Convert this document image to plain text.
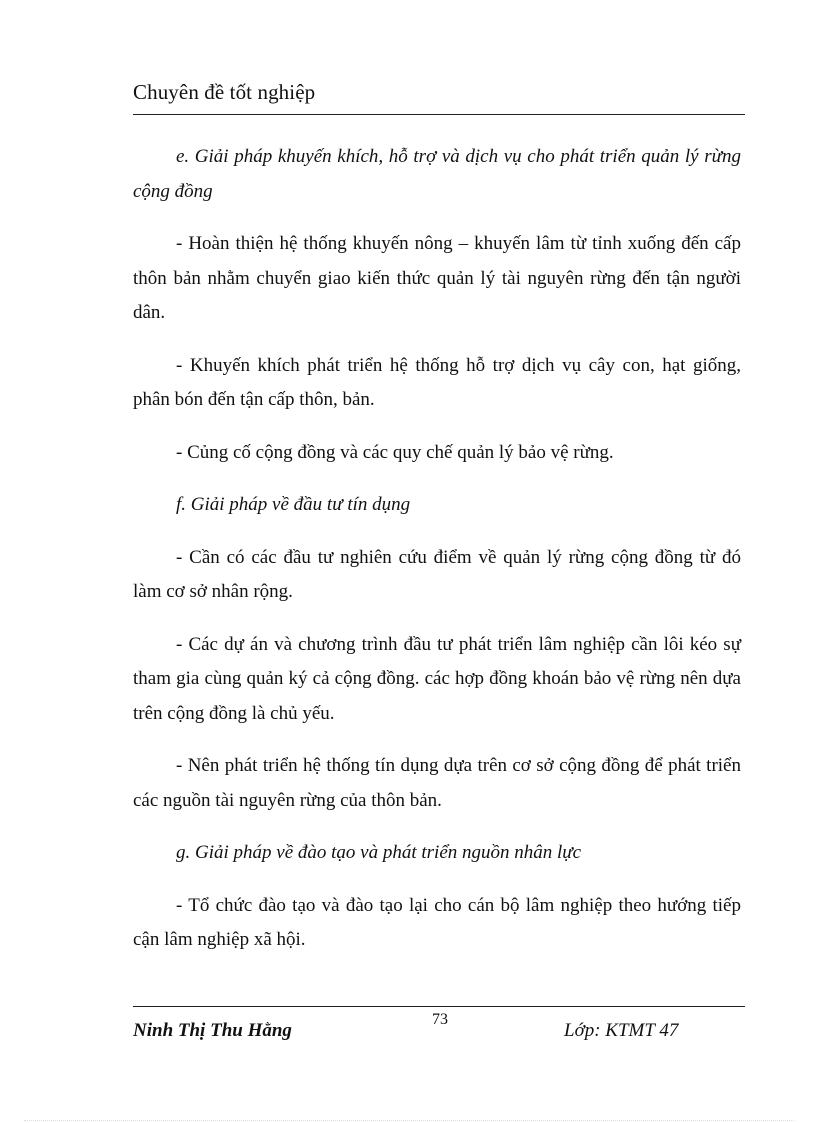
Chuyên đề tốt nghiệp

e. Giải pháp khuyến khích, hỗ trợ và dịch vụ cho phát triển quản lý rừng cộng đồng

- Hoàn thiện hệ thống khuyến nông – khuyến lâm từ tỉnh xuống đến cấp thôn bản nhằm chuyển giao kiến thức quản lý tài nguyên rừng đến tận người dân.

- Khuyến khích phát triển hệ thống hỗ trợ dịch vụ cây con, hạt giống, phân bón đến tận cấp thôn, bản.

- Củng cố cộng đồng và các quy chế quản lý bảo vệ rừng.

f. Giải pháp về đầu tư tín dụng

- Cần có các đầu tư nghiên cứu điểm về quản lý rừng cộng đồng từ đó làm cơ sở nhân rộng.

- Các dự án và chương trình đầu tư phát triển lâm nghiệp cần lôi kéo sự tham gia cùng quản ký cả cộng đồng. các hợp đồng khoán bảo vệ rừng nên dựa trên cộng đồng là chủ yếu.

- Nên phát triển hệ thống tín dụng dựa trên cơ sở cộng đồng để phát triển các nguồn tài nguyên rừng của thôn bản.

g. Giải pháp về đào tạo và phát triển nguồn nhân lực

- Tổ chức đào tạo và đào tạo lại cho cán bộ lâm nghiệp theo hướng tiếp cận lâm nghiệp xã hội.

73
Ninh Thị Thu Hằng	Lớp: KTMT 47
